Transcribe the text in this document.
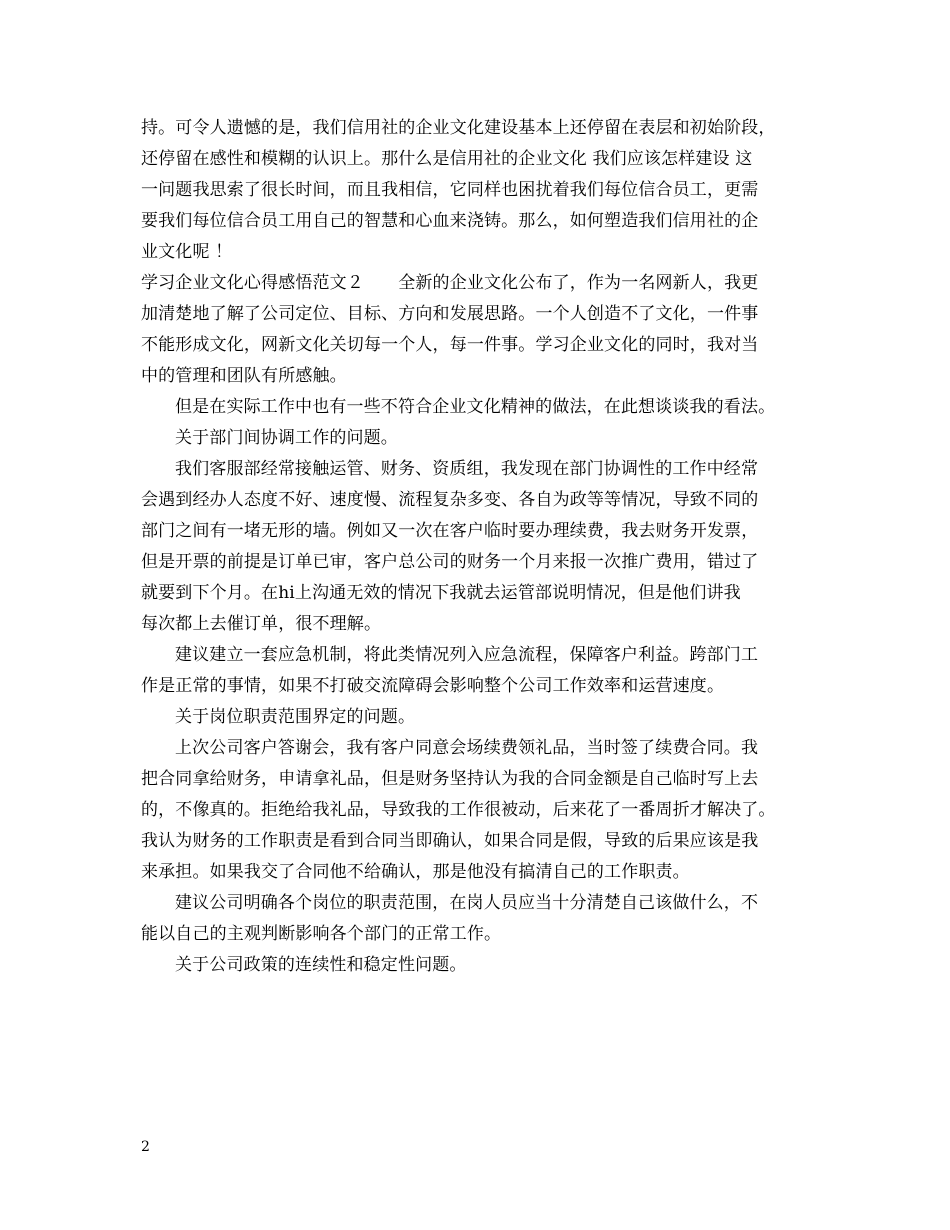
持。可令人遗憾的是，我们信用社的企业文化建设基本上还停留在表层和初始阶段，
还停留在感性和模糊的认识上。那什么是信用社的企业文化 我们应该怎样建设 这
一问题我思索了很长时间，而且我相信，它同样也困扰着我们每位信合员工，更需
要我们每位信合员工用自己的智慧和心血来浇铸。那么，如何塑造我们信用社的企
业文化呢 ！
学习企业文化心得感悟范文２　　全新的企业文化公布了，作为一名网新人，我更
加清楚地了解了公司定位、目标、方向和发展思路。一个人创造不了文化，一件事
不能形成文化，网新文化关切每一个人，每一件事。学习企业文化的同时，我对当
中的管理和团队有所感触。
但是在实际工作中也有一些不符合企业文化精神的做法，在此想谈谈我的看法。
关于部门间协调工作的问题。
我们客服部经常接触运管、财务、资质组，我发现在部门协调性的工作中经常
会遇到经办人态度不好、速度慢、流程复杂多变、各自为政等等情况，导致不同的
部门之间有一堵无形的墙。例如又一次在客户临时要办理续费，我去财务开发票，
但是开票的前提是订单已审，客户总公司的财务一个月来报一次推广费用，错过了
就要到下个月。在hi上沟通无效的情况下我就去运管部说明情况，但是他们讲我
每次都上去催订单，很不理解。
建议建立一套应急机制，将此类情况列入应急流程，保障客户利益。跨部门工
作是正常的事情，如果不打破交流障碍会影响整个公司工作效率和运营速度。
关于岗位职责范围界定的问题。
上次公司客户答谢会，我有客户同意会场续费领礼品，当时签了续费合同。我
把合同拿给财务，申请拿礼品，但是财务坚持认为我的合同金额是自己临时写上去
的，不像真的。拒绝给我礼品，导致我的工作很被动，后来花了一番周折才解决了。
我认为财务的工作职责是看到合同当即确认，如果合同是假，导致的后果应该是我
来承担。如果我交了合同他不给确认，那是他没有搞清自己的工作职责。
建议公司明确各个岗位的职责范围，在岗人员应当十分清楚自己该做什么，不
能以自己的主观判断影响各个部门的正常工作。
关于公司政策的连续性和稳定性问题。
2
